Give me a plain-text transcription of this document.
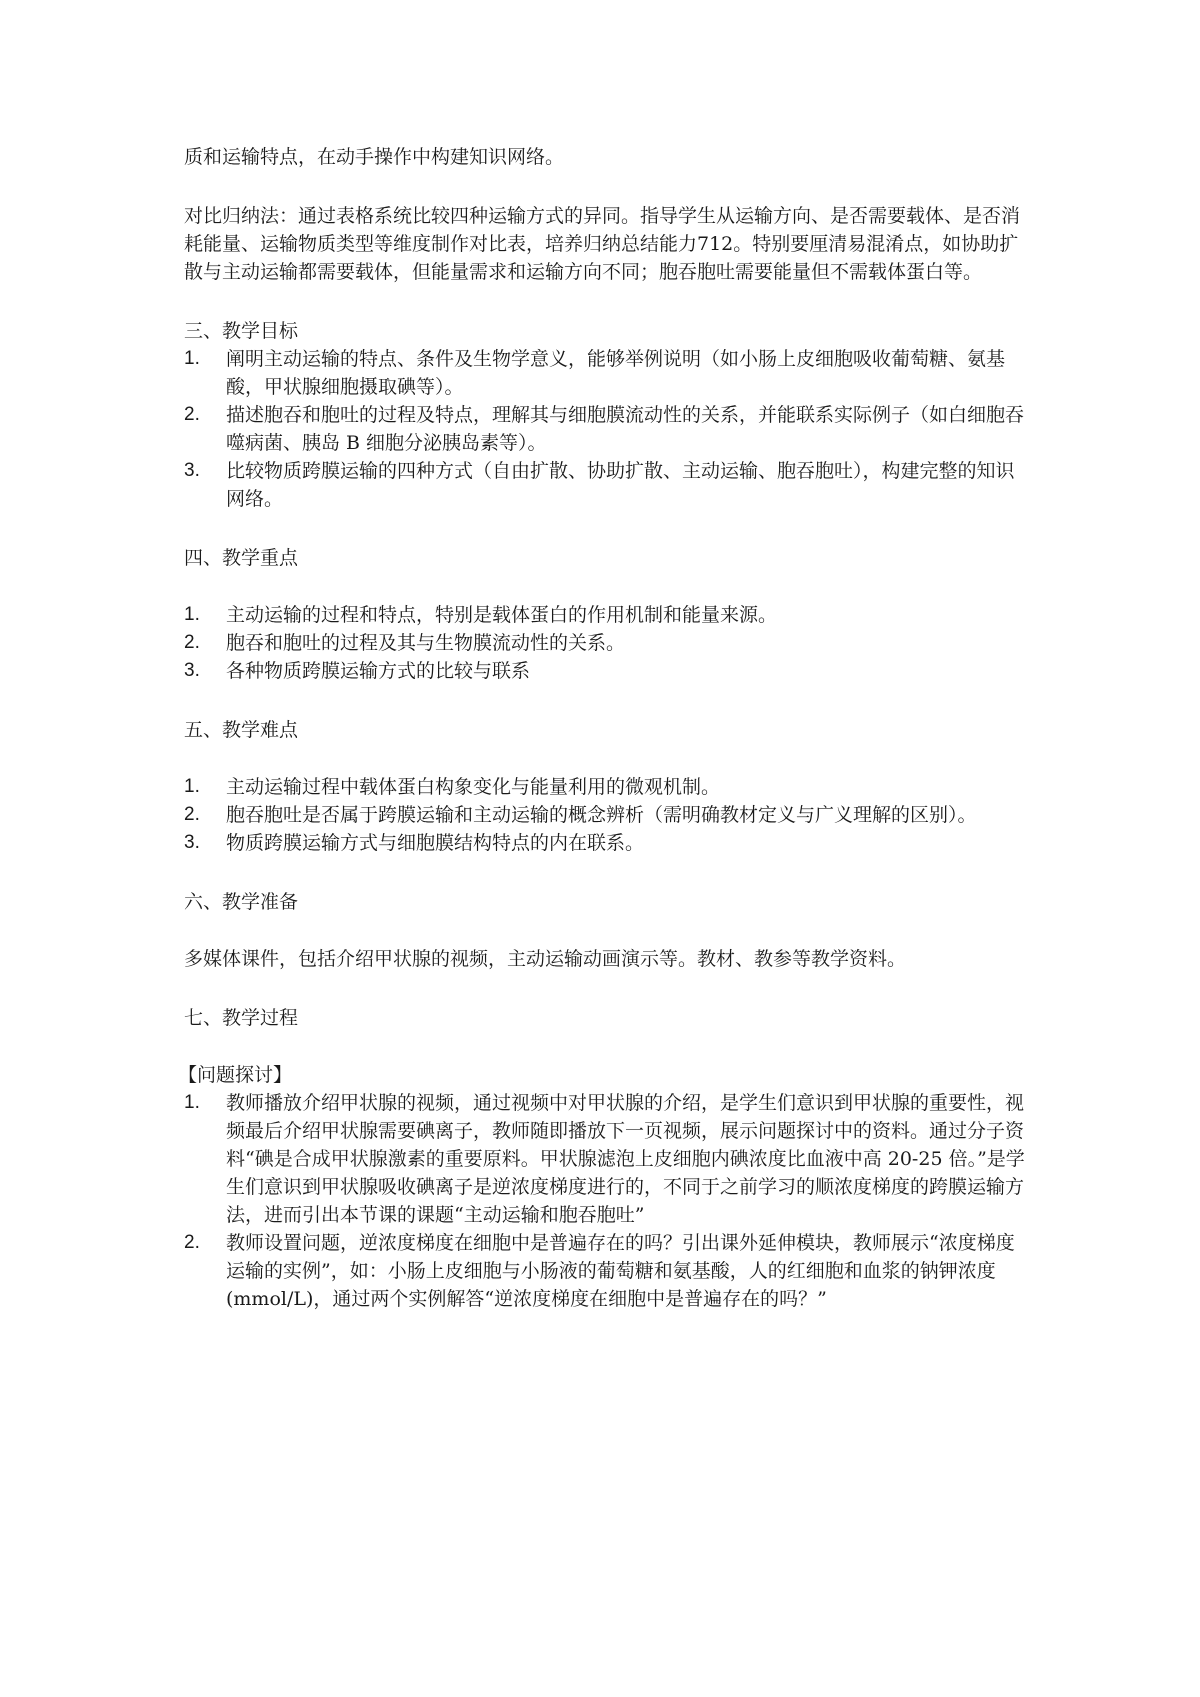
质和运输特点，在动手操作中构建知识网络。

对比归纳法：通过表格系统比较四种运输方式的异同。指导学生从运输方向、是否需要载体、是否消耗能量、运输物质类型等维度制作对比表，培养归纳总结能力712。特别要厘清易混淆点，如协助扩散与主动运输都需要载体，但能量需求和运输方向不同；胞吞胞吐需要能量但不需载体蛋白等。

三、教学目标
1.	阐明主动运输的特点、条件及生物学意义，能够举例说明（如小肠上皮细胞吸收葡萄糖、氨基酸，甲状腺细胞摄取碘等）。
2.	描述胞吞和胞吐的过程及特点，理解其与细胞膜流动性的关系，并能联系实际例子（如白细胞吞噬病菌、胰岛 B 细胞分泌胰岛素等）。
3.	比较物质跨膜运输的四种方式（自由扩散、协助扩散、主动运输、胞吞胞吐），构建完整的知识网络。
四、教学重点
1.	主动运输的过程和特点，特别是载体蛋白的作用机制和能量来源。
2.	胞吞和胞吐的过程及其与生物膜流动性的关系。
3.	各种物质跨膜运输方式的比较与联系
五、教学难点
1.	主动运输过程中载体蛋白构象变化与能量利用的微观机制。
2.	胞吞胞吐是否属于跨膜运输和主动运输的概念辨析（需明确教材定义与广义理解的区别）。
3.	物质跨膜运输方式与细胞膜结构特点的内在联系。
六、教学准备

多媒体课件，包括介绍甲状腺的视频，主动运输动画演示等。教材、教参等教学资料。

七、教学过程
【问题探讨】
1.	教师播放介绍甲状腺的视频，通过视频中对甲状腺的介绍，是学生们意识到甲状腺的重要性，视频最后介绍甲状腺需要碘离子，教师随即播放下一页视频，展示问题探讨中的资料。通过分子资料“碘是合成甲状腺激素的重要原料。甲状腺滤泡上皮细胞内碘浓度比血液中高 20-25 倍。”是学生们意识到甲状腺吸收碘离子是逆浓度梯度进行的，不同于之前学习的顺浓度梯度的跨膜运输方法，进而引出本节课的课题“主动运输和胞吞胞吐”
2.	教师设置问题，逆浓度梯度在细胞中是普遍存在的吗？引出课外延伸模块，教师展示“浓度梯度运输的实例”，如：小肠上皮细胞与小肠液的葡萄糖和氨基酸，人的红细胞和血浆的钠钾浓度(mmol/L)，通过两个实例解答“逆浓度梯度在细胞中是普遍存在的吗？”
